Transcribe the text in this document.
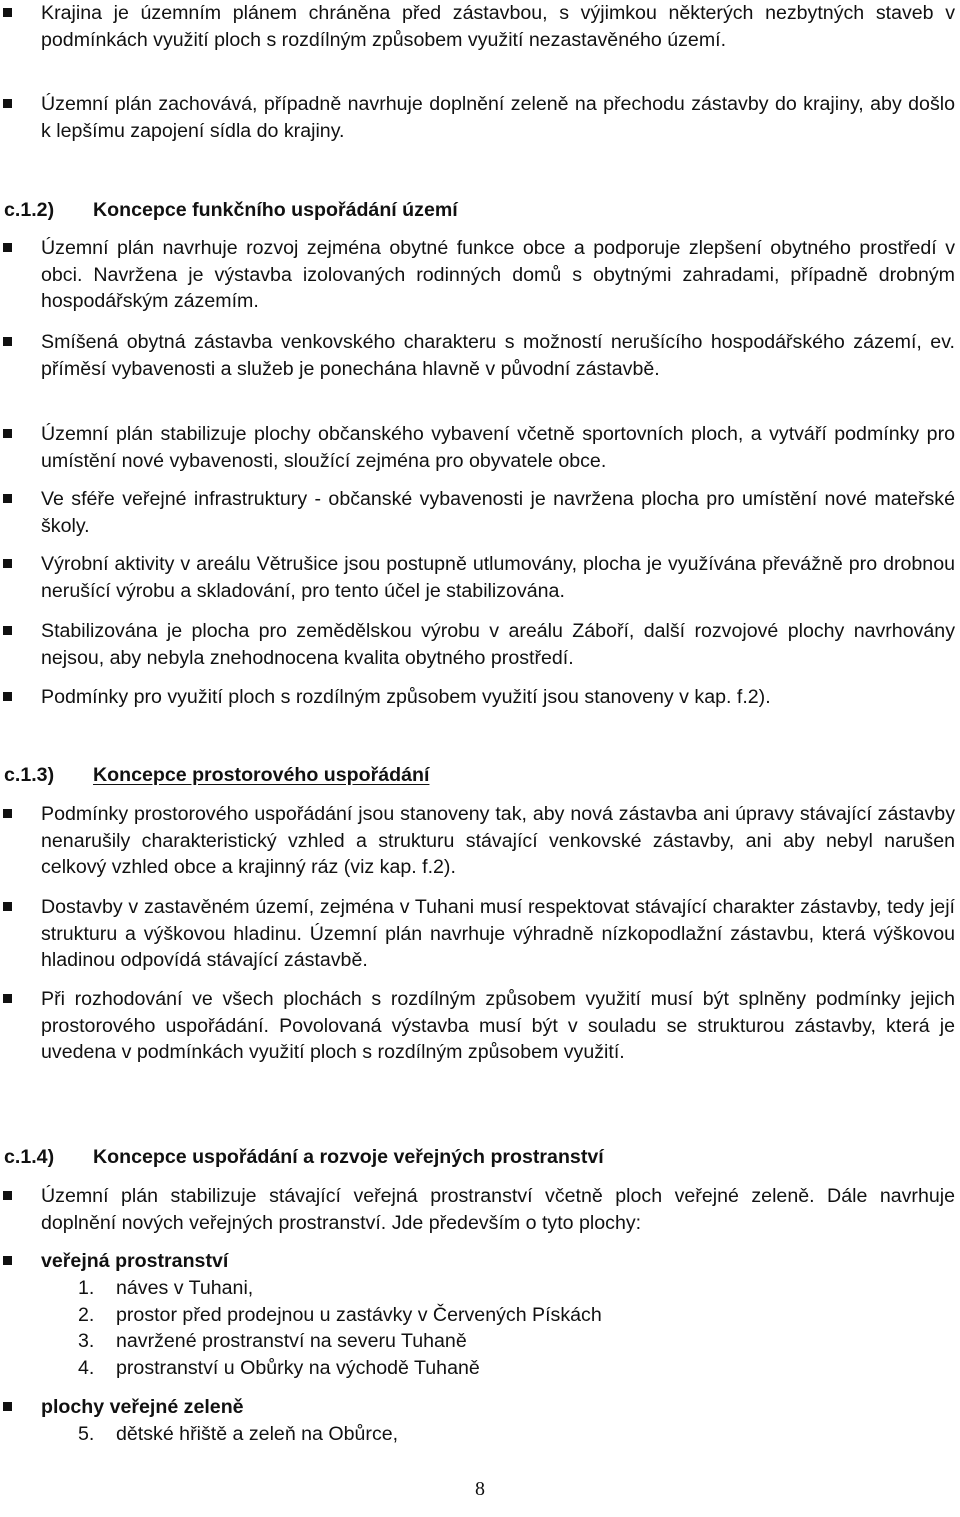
Krajina je územním plánem chráněna před zástavbou, s výjimkou některých nezbytných staveb v podmínkách využití ploch s rozdílným způsobem využití nezastavěného území.
Územní plán zachovává, případně navrhuje doplnění zeleně na přechodu zástavby do krajiny, aby došlo k lepšímu zapojení sídla do krajiny.
c.1.2) Koncepce funkčního uspořádání území
Územní plán navrhuje rozvoj zejména obytné funkce obce a podporuje zlepšení obytného prostředí v obci. Navržena je výstavba izolovaných rodinných domů s obytnými zahradami, případně drobným hospodářským zázemím.
Smíšená obytná zástavba venkovského charakteru s možností nerušícího hospodářského zázemí, ev. příměsí vybavenosti a služeb je ponechána hlavně v původní zástavbě.
Územní plán stabilizuje plochy občanského vybavení včetně sportovních ploch, a vytváří podmínky pro umístění nové vybavenosti, sloužící zejména pro obyvatele obce.
Ve sféře veřejné infrastruktury - občanské vybavenosti je navržena plocha pro umístění nové mateřské školy.
Výrobní aktivity v areálu Větrušice jsou postupně utlumovány, plocha je využívána převážně pro drobnou nerušící výrobu a skladování, pro tento účel je stabilizována.
Stabilizována je plocha pro zemědělskou výrobu v areálu Záboří, další rozvojové plochy navrhovány nejsou, aby nebyla znehodnocena kvalita obytného prostředí.
Podmínky pro využití ploch s rozdílným způsobem využití jsou stanoveny v kap. f.2).
c.1.3) Koncepce prostorového uspořádání
Podmínky prostorového uspořádání jsou stanoveny tak, aby nová zástavba ani úpravy stávající zástavby nenarušily charakteristický vzhled a strukturu stávající venkovské zástavby, ani aby nebyl narušen celkový vzhled obce a krajinný ráz (viz kap. f.2).
Dostavby v zastavěném území, zejména v Tuhani musí respektovat stávající charakter zástavby, tedy její strukturu a výškovou hladinu. Územní plán navrhuje výhradně nízkopodlažní zástavbu, která výškovou hladinou odpovídá stávající zástavbě.
Při rozhodování ve všech plochách s rozdílným způsobem využití musí být splněny podmínky jejich prostorového uspořádání. Povolovaná výstavba musí být v souladu se strukturou zástavby, která je uvedena v podmínkách využití ploch s rozdílným způsobem využití.
c.1.4) Koncepce uspořádání a rozvoje veřejných prostranství
Územní plán stabilizuje stávající veřejná prostranství včetně ploch veřejné zeleně. Dále navrhuje doplnění nových veřejných prostranství. Jde především o tyto plochy:
veřejná prostranství
1. náves v Tuhani,
2. prostor před prodejnou u zastávky v Červených Pískách
3. navržené prostranství na severu Tuhaně
4. prostranství u Obůrky na východě Tuhaně
plochy veřejné zeleně
5. dětské hřiště a zeleň na Obůrce,
8
